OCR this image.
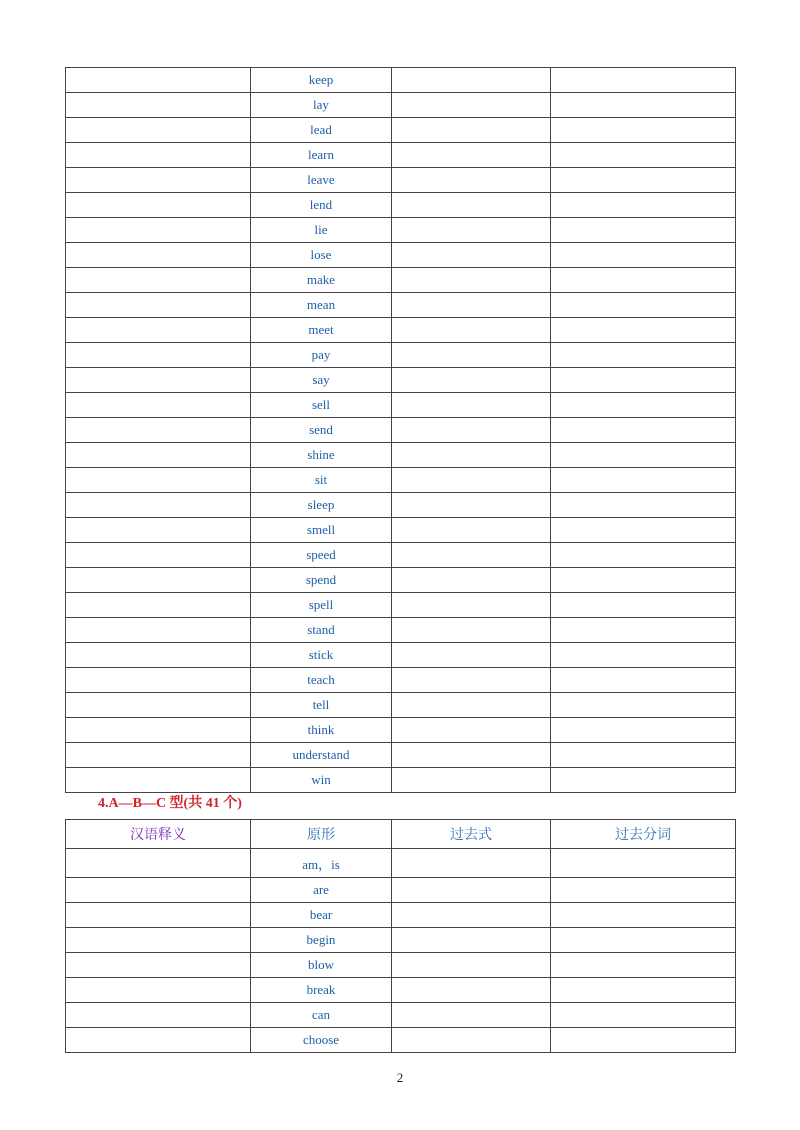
	keep		
	lay		
	lead		
	learn		
	leave		
	lend		
	lie		
	lose		
	make		
	mean		
	meet		
	pay		
	say		
	sell		
	send		
	shine		
	sit		
	sleep		
	smell		
	speed		
	spend		
	spell		
	stand		
	stick		
	teach		
	tell		
	think		
	understand		
	win		
4.A—B—C 型(共 41 个)
汉语释义	原形	过去式	过去分词
	am，is		
	are		
	bear		
	begin		
	blow		
	break		
	can		
	choose		
2
